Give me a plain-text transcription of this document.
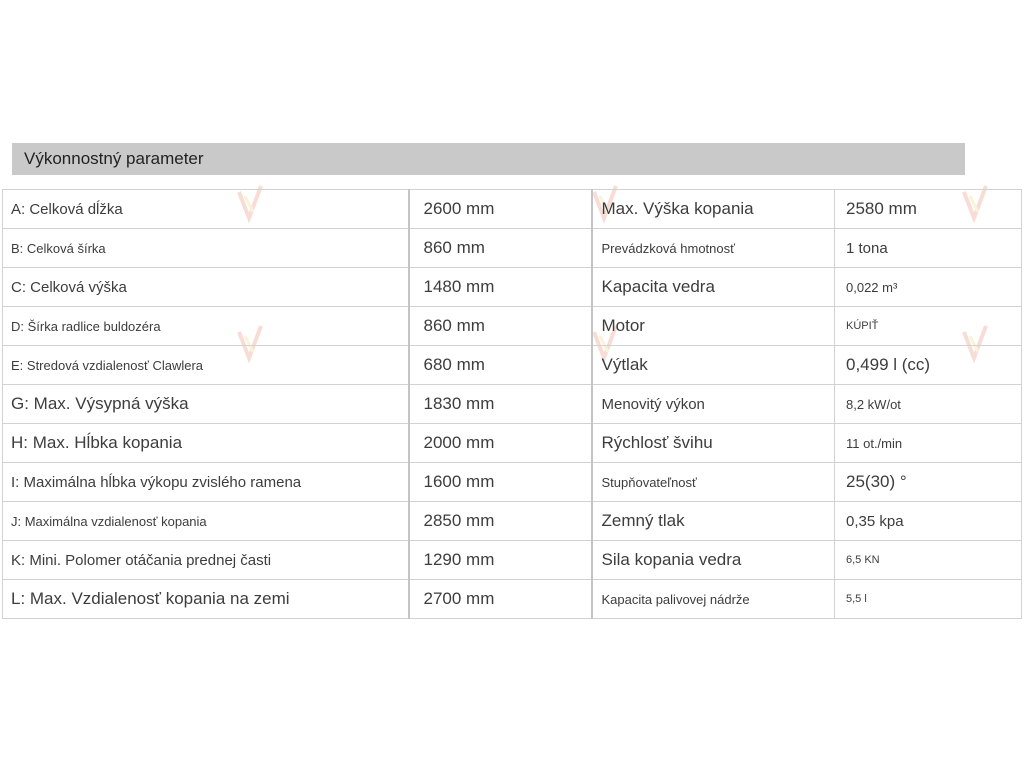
Výkonnostný parameter
A: Celková dĺžka	2600 mm	Max. Výška kopania	2580 mm
B: Celková šírka	860 mm	Prevádzková hmotnosť	1 tona
C: Celková výška	1480 mm	Kapacita vedra	0,022 m³
D: Šírka radlice buldozéra	860 mm	Motor	KÚPIŤ
E: Stredová vzdialenosť Clawlera	680 mm	Výtlak	0,499 l (cc)
G: Max. Výsypná výška	1830 mm	Menovitý výkon	8,2 kW/ot
H: Max. Hĺbka kopania	2000 mm	Rýchlosť švihu	11 ot./min
I: Maximálna hĺbka výkopu zvislého ramena	1600 mm	Stupňovateľnosť	25(30) °
J: Maximálna vzdialenosť kopania	2850 mm	Zemný tlak	0,35 kpa
K: Mini. Polomer otáčania prednej časti	1290 mm	Sila kopania vedra	6,5 KN
L: Max. Vzdialenosť kopania na zemi	2700 mm	Kapacita palivovej nádrže	5,5 l
